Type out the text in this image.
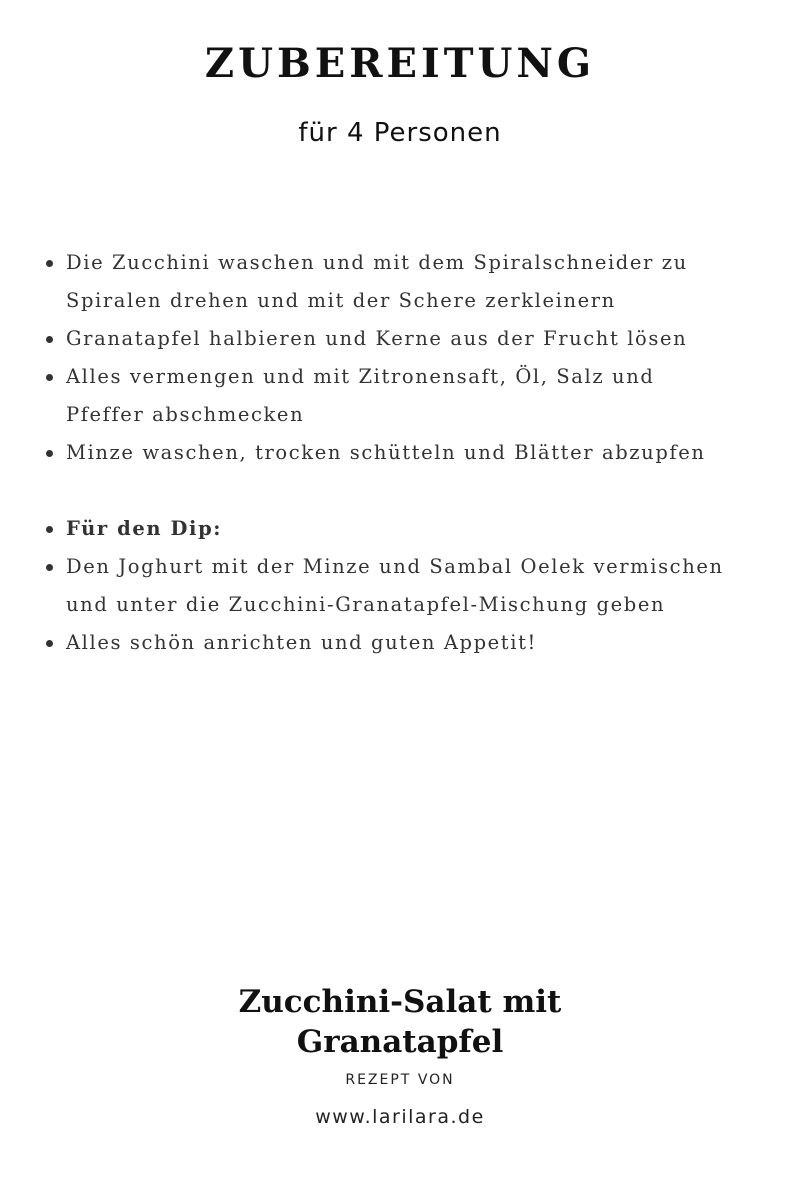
ZUBEREITUNG
für 4 Personen
Die Zucchini waschen und mit dem Spiralschneider zu
Spiralen drehen und mit der Schere zerkleinern
Granatapfel halbieren und Kerne aus der Frucht lösen
Alles vermengen und mit Zitronensaft, Öl, Salz und
Pfeffer abschmecken
Minze waschen, trocken schütteln und Blätter abzupfen
Für den Dip:
Den Joghurt mit der Minze und Sambal Oelek vermischen
und unter die Zucchini-Granatapfel-Mischung geben
Alles schön anrichten und guten Appetit!
Zucchini-Salat mit
Granatapfel
REZEPT VON
www.larilara.de
